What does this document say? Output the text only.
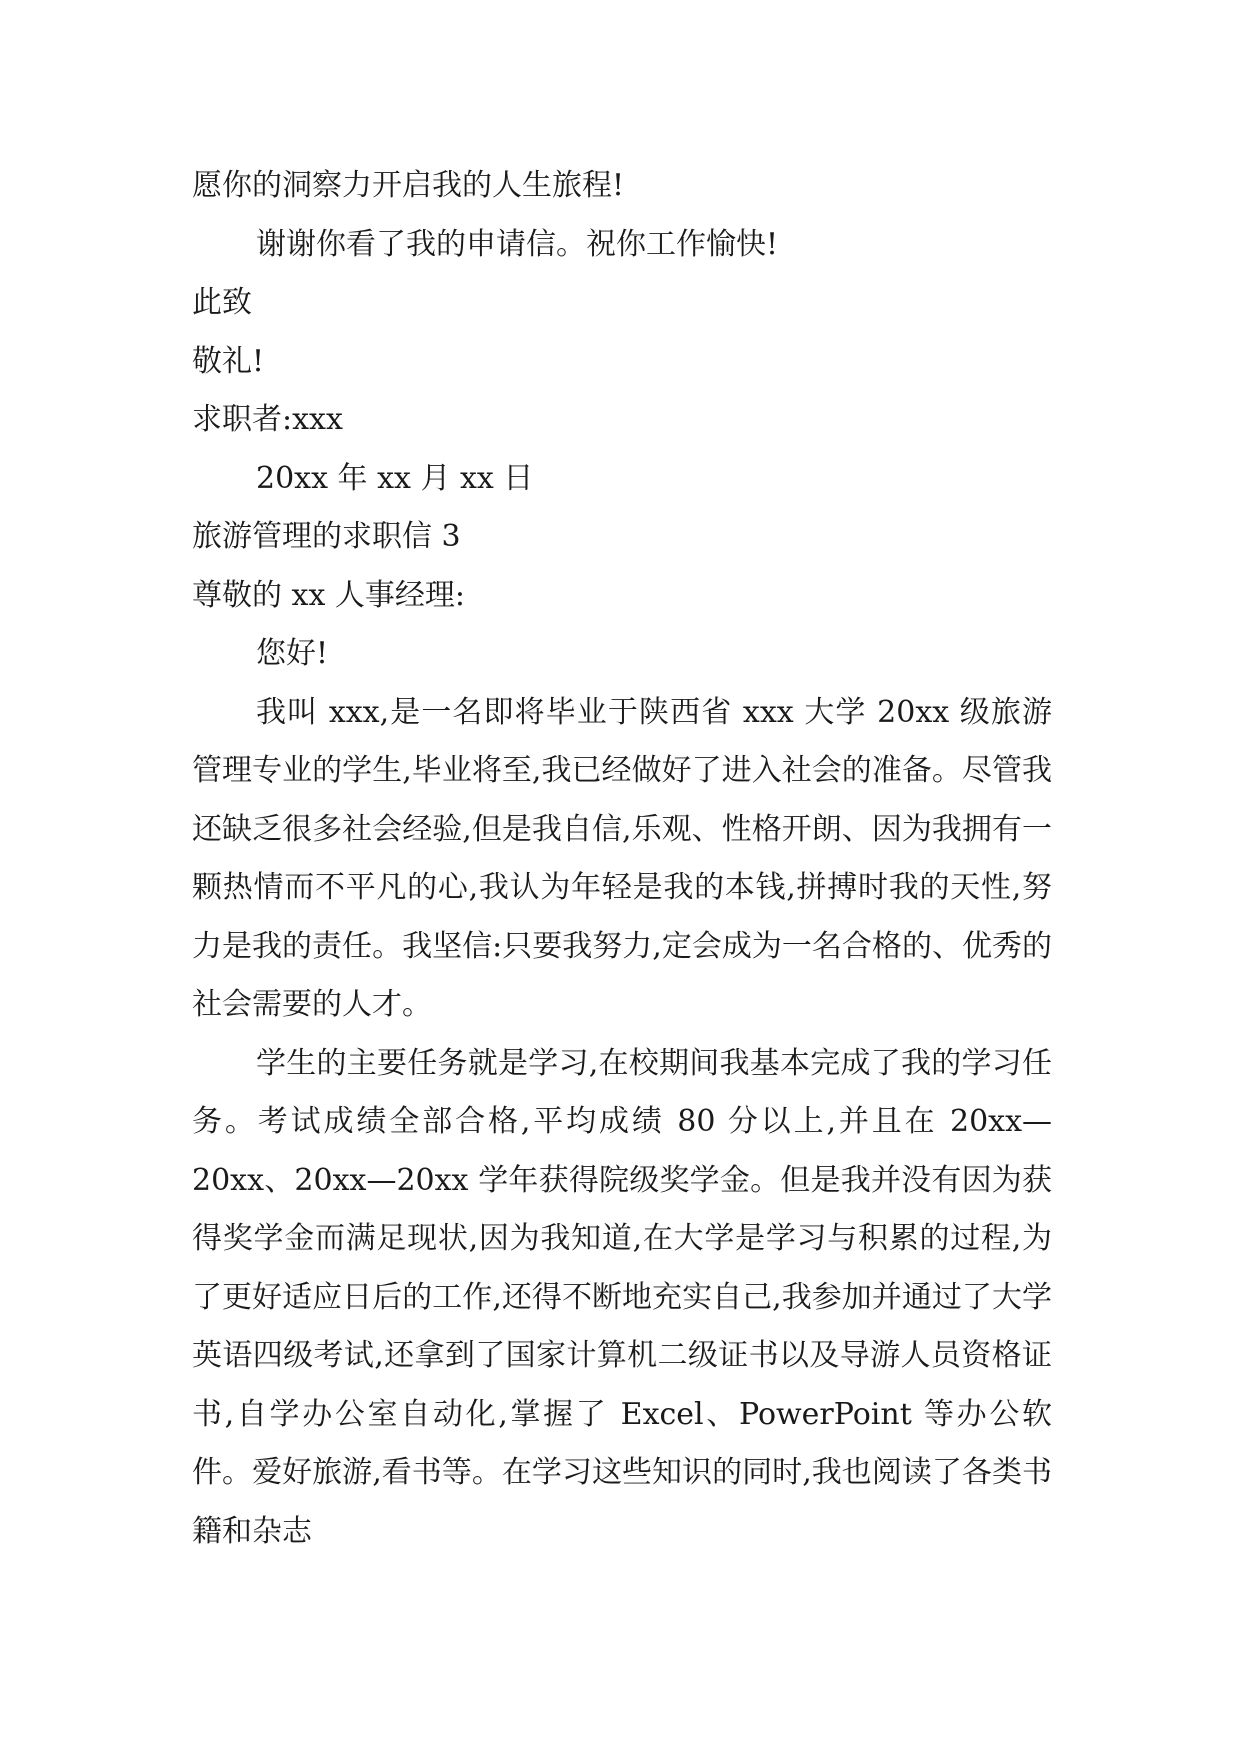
愿你的洞察力开启我的人生旅程!
谢谢你看了我的申请信。祝你工作愉快!
此致
敬礼!
求职者:xxx
20xx 年 xx 月 xx 日
旅游管理的求职信 3
尊敬的 xx 人事经理:
您好!
我叫 xxx,是一名即将毕业于陕西省 xxx 大学 20xx 级旅游管理专业的学生,毕业将至,我已经做好了进入社会的准备。尽管我还缺乏很多社会经验,但是我自信,乐观、性格开朗、因为我拥有一颗热情而不平凡的心,我认为年轻是我的本钱,拼搏时我的天性,努力是我的责任。我坚信:只要我努力,定会成为一名合格的、优秀的社会需要的人才。
学生的主要任务就是学习,在校期间我基本完成了我的学习任务。考试成绩全部合格,平均成绩 80 分以上,并且在 20xx—20xx、20xx—20xx 学年获得院级奖学金。但是我并没有因为获得奖学金而满足现状,因为我知道,在大学是学习与积累的过程,为了更好适应日后的工作,还得不断地充实自己,我参加并通过了大学英语四级考试,还拿到了国家计算机二级证书以及导游人员资格证书,自学办公室自动化,掌握了 Excel、PowerPoint 等办公软件。爱好旅游,看书等。在学习这些知识的同时,我也阅读了各类书籍和杂志
